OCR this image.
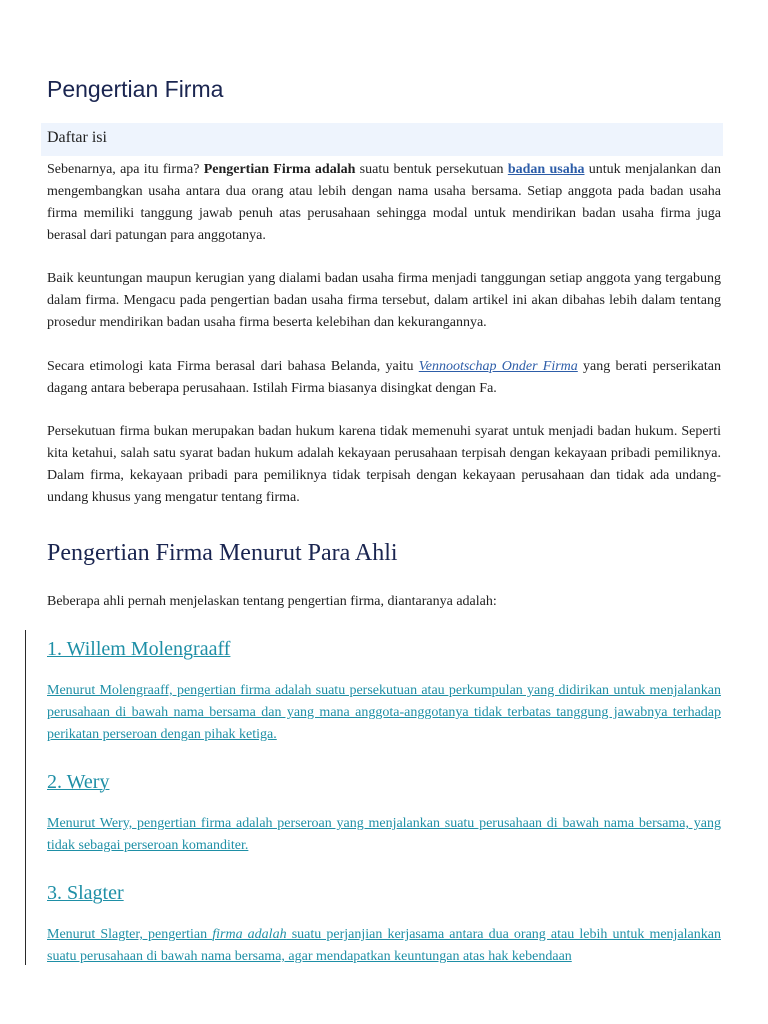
Pengertian Firma
Daftar isi

Sebenarnya, apa itu firma? Pengertian Firma adalah suatu bentuk persekutuan badan usaha untuk menjalankan dan mengembangkan usaha antara dua orang atau lebih dengan nama usaha bersama. Setiap anggota pada badan usaha firma memiliki tanggung jawab penuh atas perusahaan sehingga modal untuk mendirikan badan usaha firma juga berasal dari patungan para anggotanya.

Baik keuntungan maupun kerugian yang dialami badan usaha firma menjadi tanggungan setiap anggota yang tergabung dalam firma. Mengacu pada pengertian badan usaha firma tersebut, dalam artikel ini akan dibahas lebih dalam tentang prosedur mendirikan badan usaha firma beserta kelebihan dan kekurangannya.

Secara etimologi kata Firma berasal dari bahasa Belanda, yaitu Vennootschap Onder Firma yang berati perserikatan dagang antara beberapa perusahaan. Istilah Firma biasanya disingkat dengan Fa.

Persekutuan firma bukan merupakan badan hukum karena tidak memenuhi syarat untuk menjadi badan hukum. Seperti kita ketahui, salah satu syarat badan hukum adalah kekayaan perusahaan terpisah dengan kekayaan pribadi pemiliknya. Dalam firma, kekayaan pribadi para pemiliknya tidak terpisah dengan kekayaan perusahaan dan tidak ada undang-undang khusus yang mengatur tentang firma.

Pengertian Firma Menurut Para Ahli

Beberapa ahli pernah menjelaskan tentang pengertian firma, diantaranya adalah:

1. Willem Molengraaff

Menurut Molengraaff, pengertian firma adalah suatu persekutuan atau perkumpulan yang didirikan untuk menjalankan perusahaan di bawah nama bersama dan yang mana anggota-anggotanya tidak terbatas tanggung jawabnya terhadap perikatan perseroan dengan pihak ketiga.

2. Wery

Menurut Wery, pengertian firma adalah perseroan yang menjalankan suatu perusahaan di bawah nama bersama, yang tidak sebagai perseroan komanditer.

3. Slagter

Menurut Slagter, pengertian firma adalah suatu perjanjian kerjasama antara dua orang atau lebih untuk menjalankan suatu perusahaan di bawah nama bersama, agar mendapatkan keuntungan atas hak kebendaan
